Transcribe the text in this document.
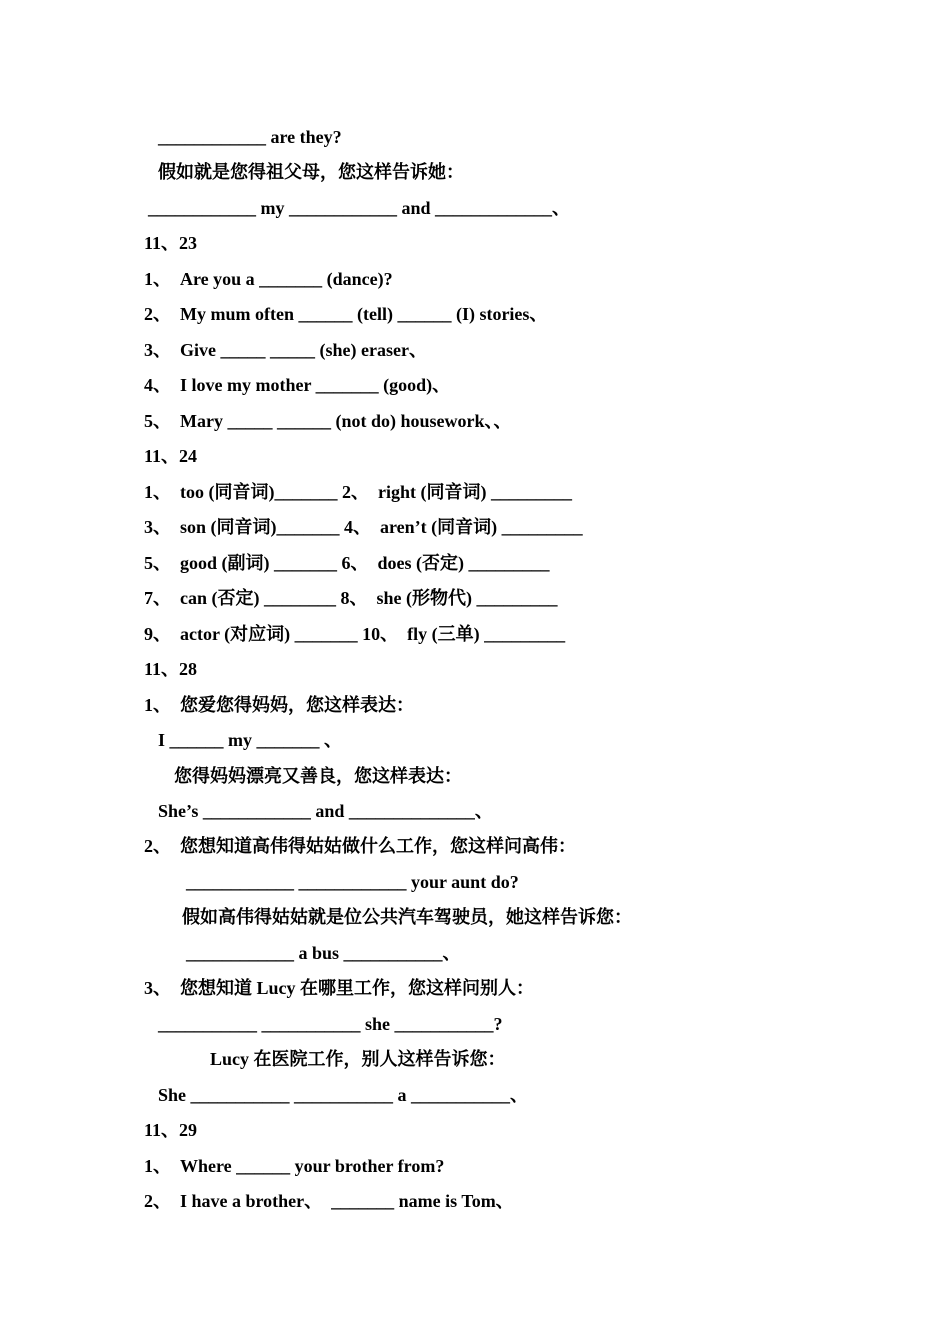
____________ are they?
假如就是您得祖父母，您这样告诉她：
____________ my ____________ and _____________、
11、23
1、  Are you a _______ (dance)?
2、  My mum often ______ (tell) ______ (I) stories、
3、  Give _____ _____ (she) eraser、
4、  I love my mother _______ (good)、
5、  Mary _____ ______ (not do) housework、、
11、24
1、  too (同音词)_______ 2、  right (同音词) _________
3、  son (同音词)_______ 4、  aren’t (同音词) _________
5、  good (副词) _______ 6、  does (否定) _________
7、  can (否定) ________ 8、  she (形物代) _________
9、  actor (对应词) _______ 10、  fly (三单) _________
11、28
1、  您爱您得妈妈，您这样表达：
I ______ my _______ 、
您得妈妈漂亮又善良，您这样表达：
She’s ____________ and ______________、
2、  您想知道高伟得姑姑做什么工作，您这样问高伟：
____________ ____________ your aunt do?
假如高伟得姑姑就是位公共汽车驾驶员，她这样告诉您：
____________ a bus ___________、
3、  您想知道 Lucy 在哪里工作，您这样问别人：
___________ ___________ she ___________?
Lucy 在医院工作，别人这样告诉您：
She ___________ ___________ a ___________、
11、29
1、  Where ______ your brother from?
2、  I have a brother、  _______ name is Tom、
